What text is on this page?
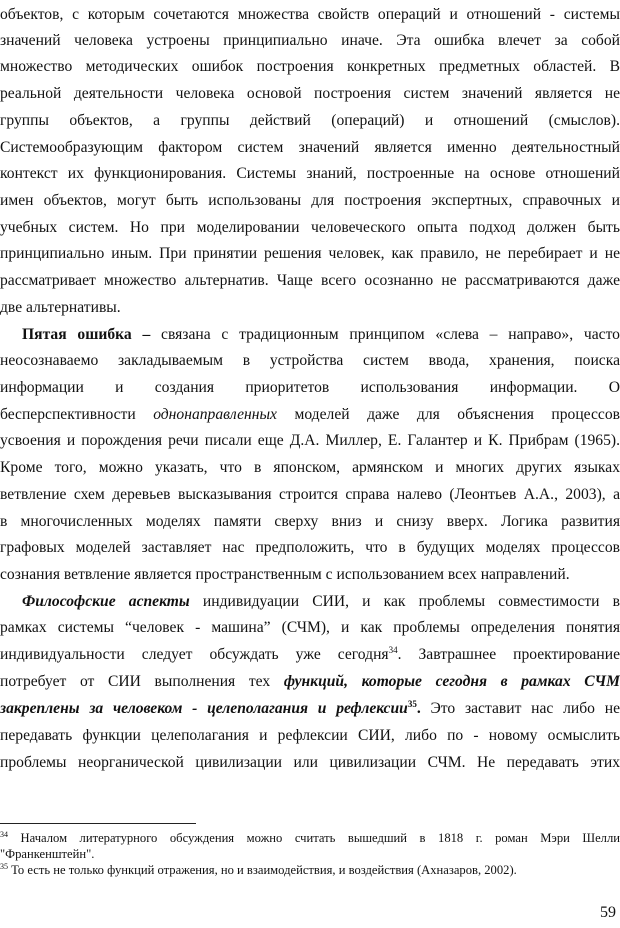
объектов, с которым сочетаются множества свойств операций и отношений - системы
значений человека устроены принципиально иначе. Эта ошибка влечет за собой
множество методических ошибок построения конкретных предметных областей. В
реальной деятельности человека основой построения систем значений является не
группы объектов, а группы действий (операций) и отношений (смыслов).
Системообразующим фактором систем значений является именно деятельностный
контекст их функционирования. Системы знаний, построенные на основе отношений
имен объектов, могут быть использованы для построения экспертных, справочных и
учебных систем. Но при моделировании человеческого опыта подход должен быть
принципиально иным. При принятии решения человек, как правило, не перебирает и не
рассматривает множество альтернатив. Чаще всего осознанно не рассматриваются даже
две альтернативы.
Пятая ошибка – связана с традиционным принципом «слева – направо», часто
неосознаваемо закладываемым в устройства систем ввода, хранения, поиска
информации и создания приоритетов использования информации. О
бесперспективности однонаправленных моделей даже для объяснения процессов
усвоения и порождения речи писали еще Д.А. Миллер, Е. Галантер и К. Прибрам (1965).
Кроме того, можно указать, что в японском, армянском и многих других языках
ветвление схем деревьев высказывания строится справа налево (Леонтьев А.А., 2003), а
в многочисленных моделях памяти сверху вниз и снизу вверх. Логика развития
графовых моделей заставляет нас предположить, что в будущих моделях процессов
сознания ветвление является пространственным с использованием всех направлений.
Философские аспекты индивидуации СИИ, и как проблемы совместимости в
рамках системы “человек - машина” (СЧМ), и как проблемы определения понятия
индивидуальности следует обсуждать уже сегодня$^{34}$. Завтрашнее проектирование
потребует от СИИ выполнения тех функций, которые сегодня в рамках СЧМ
закреплены за человеком - целеполагания и рефлексии$^{35}$. Это заставит нас либо не
передавать функции целеполагания и рефлексии СИИ, либо по - новому осмыслить
проблемы неорганической цивилизации или цивилизации СЧМ. Не передавать этих
$^{34}$ Началом литературного обсуждения можно считать вышедший в 1818 г. роман Мэри Шелли
"Франкенштейн".
$^{35}$ То есть не только функций отражения, но и взаимодействия, и воздействия (Ахназаров, 2002).
59
